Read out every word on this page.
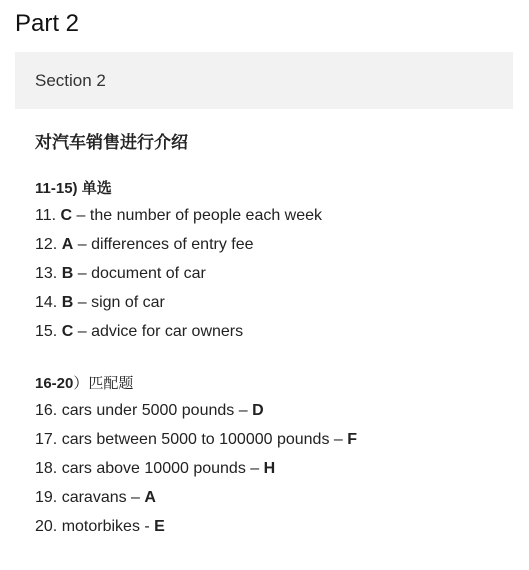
Part 2
Section 2

对汽车销售进行介绍

11-15) 单选

11. C – the number of people each week

12. A – differences of entry fee

13. B – document of car

14. B – sign of car

15. C – advice for car owners

16-20）匹配题

16. cars under 5000 pounds – D

17. cars between 5000 to 100000 pounds – F

18. cars above 10000 pounds – H

19. caravans – A

20. motorbikes - E
